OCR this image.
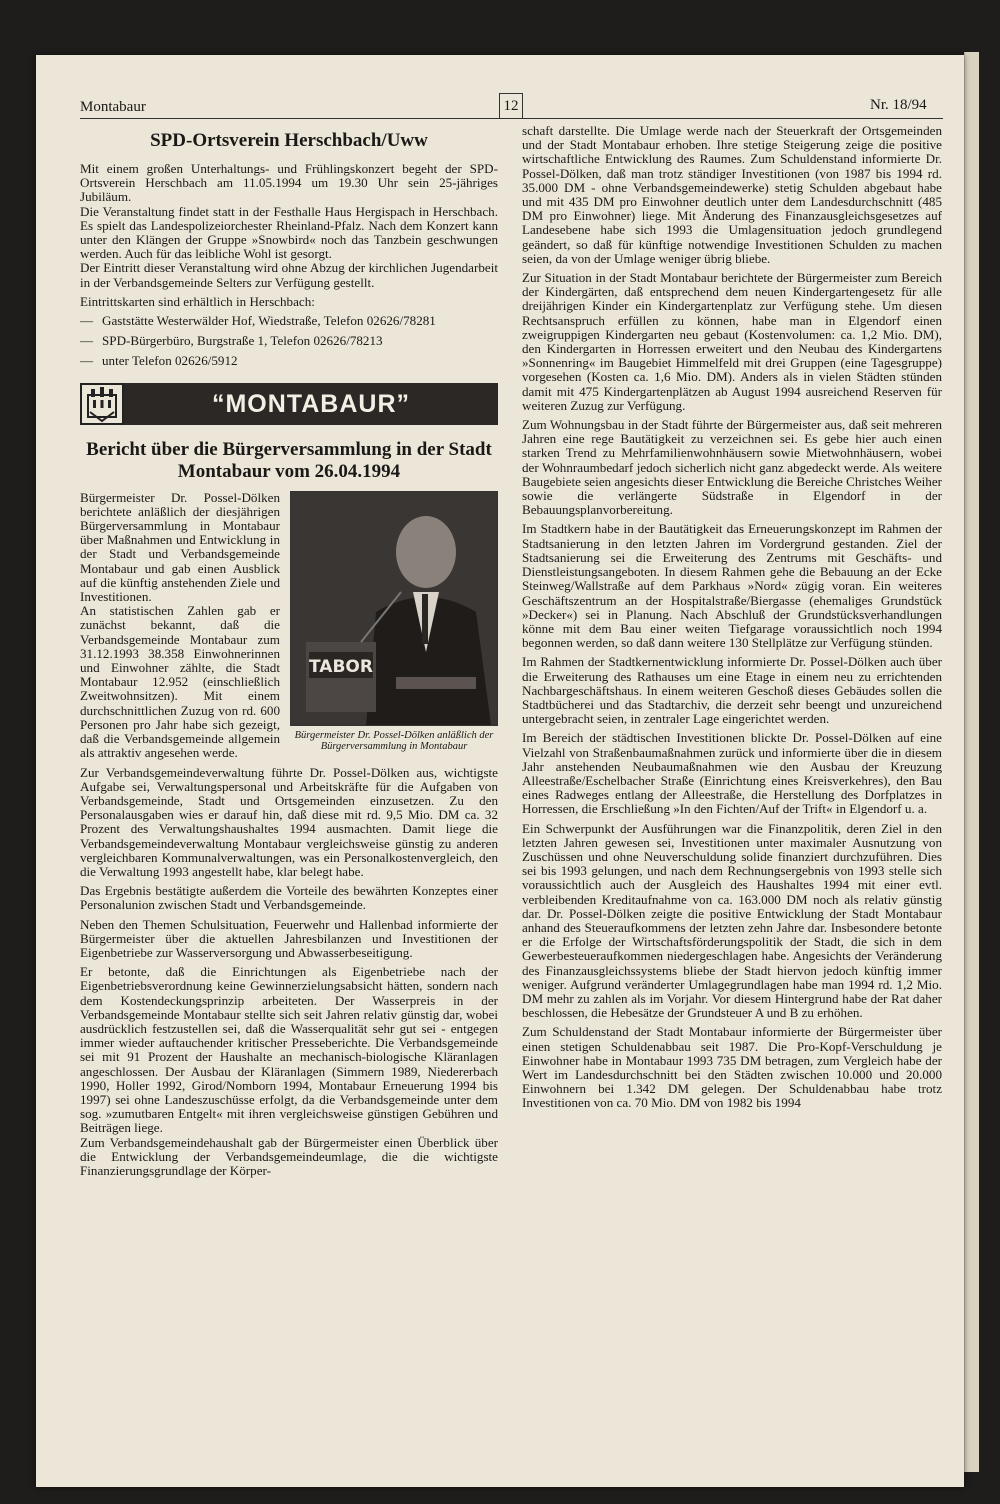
Montabaur	12	Nr. 18/94
SPD-Ortsverein Herschbach/Uww

Mit einem großen Unterhaltungs- und Frühlingskonzert begeht der SPD-Ortsverein Herschbach am 11.05.1994 um 19.30 Uhr sein 25-jähriges Jubiläum.

Die Veranstaltung findet statt in der Festhalle Haus Hergispach in Herschbach. Es spielt das Landespolizeiorchester Rheinland-Pfalz. Nach dem Konzert kann unter den Klängen der Gruppe »Snowbird« noch das Tanzbein geschwungen werden. Auch für das leibliche Wohl ist gesorgt.

Der Eintritt dieser Veranstaltung wird ohne Abzug der kirchlichen Jugendarbeit in der Verbandsgemeinde Selters zur Verfügung gestellt.

Eintrittskarten sind erhältlich in Herschbach:

— Gaststätte Westerwälder Hof, Wiedstraße, Telefon 02626/78281

— SPD-Bürgerbüro, Burgstraße 1, Telefon 02626/78213

— unter Telefon 02626/5912

“MONTABAUR”
Bericht über die Bürgerversammlung in der Stadt Montabaur vom 26.04.1994
TABOR
Bürgermeister Dr. Possel-Dölken anläßlich der Bürgerversammlung in Montabaur

Bürgermeister Dr. Possel-Dölken berichtete anläßlich der diesjährigen Bürgerversammlung in Montabaur über Maßnahmen und Entwicklung in der Stadt und Verbandsgemeinde Montabaur und gab einen Ausblick auf die künftig anstehenden Ziele und Investitionen.

An statistischen Zahlen gab er zunächst bekannt, daß die Verbandsgemeinde Montabaur zum 31.12.1993 38.358 Einwohnerinnen und Einwohner zählte, die Stadt Montabaur 12.952 (einschließlich Zweitwohnsitzen). Mit einem durchschnittlichen Zuzug von rd. 600 Personen pro Jahr habe sich gezeigt, daß die Verbandsgemeinde allgemein als attraktiv angesehen werde.

Zur Verbandsgemeindeverwaltung führte Dr. Possel-Dölken aus, wichtigste Aufgabe sei, Verwaltungspersonal und Arbeitskräfte für die Aufgaben von Verbandsgemeinde, Stadt und Ortsgemeinden einzusetzen. Zu den Personalausgaben wies er darauf hin, daß diese mit rd. 9,5 Mio. DM ca. 32 Prozent des Verwaltungshaushaltes 1994 ausmachten. Damit liege die Verbandsgemeindeverwaltung Montabaur vergleichsweise günstig zu anderen vergleichbaren Kommunalverwaltungen, was ein Personalkostenvergleich, den die Verwaltung 1993 angestellt habe, klar belegt habe.

Das Ergebnis bestätigte außerdem die Vorteile des bewährten Konzeptes einer Personalunion zwischen Stadt und Verbandsgemeinde.

Neben den Themen Schulsituation, Feuerwehr und Hallenbad informierte der Bürgermeister über die aktuellen Jahresbilanzen und Investitionen der Eigenbetriebe zur Wasserversorgung und Abwasserbeseitigung.

Er betonte, daß die Einrichtungen als Eigenbetriebe nach der Eigenbetriebsverordnung keine Gewinnerzielungsabsicht hätten, sondern nach dem Kostendeckungsprinzip arbeiteten. Der Wasserpreis in der Verbandsgemeinde Montabaur stellte sich seit Jahren relativ günstig dar, wobei ausdrücklich festzustellen sei, daß die Wasserqualität sehr gut sei - entgegen immer wieder auftauchender kritischer Presseberichte. Die Verbandsgemeinde sei mit 91 Prozent der Haushalte an mechanisch-biologische Kläranlagen angeschlossen. Der Ausbau der Kläranlagen (Simmern 1989, Niedererbach 1990, Holler 1992, Girod/Nomborn 1994, Montabaur Erneuerung 1994 bis 1997) sei ohne Landeszuschüsse erfolgt, da die Verbandsgemeinde unter dem sog. »zumutbaren Entgelt« mit ihren vergleichsweise günstigen Gebühren und Beiträgen liege.

Zum Verbandsgemeindehaushalt gab der Bürgermeister einen Überblick über die Entwicklung der Verbandsgemeindeumlage, die die wichtigste Finanzierungsgrundlage der Körper-

schaft darstellte. Die Umlage werde nach der Steuerkraft der Ortsgemeinden und der Stadt Montabaur erhoben. Ihre stetige Steigerung zeige die positive wirtschaftliche Entwicklung des Raumes. Zum Schuldenstand informierte Dr. Possel-Dölken, daß man trotz ständiger Investitionen (von 1987 bis 1994 rd. 35.000 DM - ohne Verbandsgemeindewerke) stetig Schulden abgebaut habe und mit 435 DM pro Einwohner deutlich unter dem Landesdurchschnitt (485 DM pro Einwohner) liege. Mit Änderung des Finanzausgleichsgesetzes auf Landesebene habe sich 1993 die Umlagensituation jedoch grundlegend geändert, so daß für künftige notwendige Investitionen Schulden zu machen seien, da von der Umlage weniger übrig bliebe.

Zur Situation in der Stadt Montabaur berichtete der Bürgermeister zum Bereich der Kindergärten, daß entsprechend dem neuen Kindergartengesetz für alle dreijährigen Kinder ein Kindergartenplatz zur Verfügung stehe. Um diesen Rechtsanspruch erfüllen zu können, habe man in Elgendorf einen zweigruppigen Kindergarten neu gebaut (Kostenvolumen: ca. 1,2 Mio. DM), den Kindergarten in Horressen erweitert und den Neubau des Kindergartens »Sonnenring« im Baugebiet Himmelfeld mit drei Gruppen (eine Tagesgruppe) vorgesehen (Kosten ca. 1,6 Mio. DM). Anders als in vielen Städten stünden damit mit 475 Kindergartenplätzen ab August 1994 ausreichend Reserven für weiteren Zuzug zur Verfügung.

Zum Wohnungsbau in der Stadt führte der Bürgermeister aus, daß seit mehreren Jahren eine rege Bautätigkeit zu verzeichnen sei. Es gebe hier auch einen starken Trend zu Mehrfamilienwohnhäusern sowie Mietwohnhäusern, wobei der Wohnraumbedarf jedoch sicherlich nicht ganz abgedeckt werde. Als weitere Baugebiete seien angesichts dieser Entwicklung die Bereiche Christches Weiher sowie die verlängerte Südstraße in Elgendorf in der Bebauungsplanvorbereitung.

Im Stadtkern habe in der Bautätigkeit das Erneuerungskonzept im Rahmen der Stadtsanierung in den letzten Jahren im Vordergrund gestanden. Ziel der Stadtsanierung sei die Erweiterung des Zentrums mit Geschäfts- und Dienstleistungsangeboten. In diesem Rahmen gehe die Bebauung an der Ecke Steinweg/Wallstraße auf dem Parkhaus »Nord« zügig voran. Ein weiteres Geschäftszentrum an der Hospitalstraße/Biergasse (ehemaliges Grundstück »Decker«) sei in Planung. Nach Abschluß der Grundstücksverhandlungen könne mit dem Bau einer weiten Tiefgarage voraussichtlich noch 1994 begonnen werden, so daß dann weitere 130 Stellplätze zur Verfügung stünden.

Im Rahmen der Stadtkernentwicklung informierte Dr. Possel-Dölken auch über die Erweiterung des Rathauses um eine Etage in einem neu zu errichtenden Nachbargeschäftshaus. In einem weiteren Geschoß dieses Gebäudes sollen die Stadtbücherei und das Stadtarchiv, die derzeit sehr beengt und unzureichend untergebracht seien, in zentraler Lage eingerichtet werden.

Im Bereich der städtischen Investitionen blickte Dr. Possel-Dölken auf eine Vielzahl von Straßenbaumaßnahmen zurück und informierte über die in diesem Jahr anstehenden Neubaumaßnahmen wie den Ausbau der Kreuzung Alleestraße/Eschelbacher Straße (Einrichtung eines Kreisverkehres), den Bau eines Radweges entlang der Alleestraße, die Herstellung des Dorfplatzes in Horressen, die Erschließung »In den Fichten/Auf der Trift« in Elgendorf u. a.

Ein Schwerpunkt der Ausführungen war die Finanzpolitik, deren Ziel in den letzten Jahren gewesen sei, Investitionen unter maximaler Ausnutzung von Zuschüssen und ohne Neuverschuldung solide finanziert durchzuführen. Dies sei bis 1993 gelungen, und nach dem Rechnungsergebnis von 1993 stelle sich voraussichtlich auch der Ausgleich des Haushaltes 1994 mit einer evtl. verbleibenden Kreditaufnahme von ca. 163.000 DM noch als relativ günstig dar. Dr. Possel-Dölken zeigte die positive Entwicklung der Stadt Montabaur anhand des Steueraufkommens der letzten zehn Jahre dar. Insbesondere betonte er die Erfolge der Wirtschaftsförderungspolitik der Stadt, die sich in dem Gewerbesteueraufkommen niedergeschlagen habe. Angesichts der Veränderung des Finanzausgleichssystems bliebe der Stadt hiervon jedoch künftig immer weniger. Aufgrund veränderter Umlagegrundlagen habe man 1994 rd. 1,2 Mio. DM mehr zu zahlen als im Vorjahr. Vor diesem Hintergrund habe der Rat daher beschlossen, die Hebesätze der Grundsteuer A und B zu erhöhen.

Zum Schuldenstand der Stadt Montabaur informierte der Bürgermeister über einen stetigen Schuldenabbau seit 1987. Die Pro-Kopf-Verschuldung je Einwohner habe in Montabaur 1993 735 DM betragen, zum Vergleich habe der Wert im Landesdurchschnitt bei den Städten zwischen 10.000 und 20.000 Einwohnern bei 1.342 DM gelegen. Der Schuldenabbau habe trotz Investitionen von ca. 70 Mio. DM von 1982 bis 1994
